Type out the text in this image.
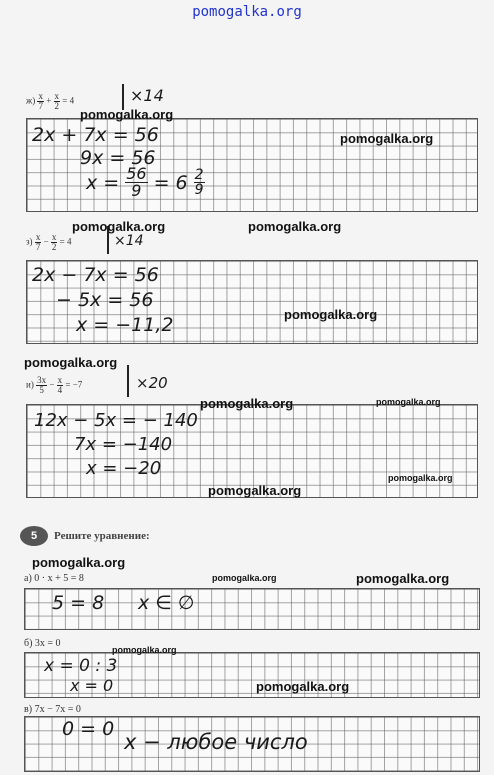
pomogalka.org
$ж) \frac{x}{7} + \frac{x}{2} = 4$	×14
2x + 7x = 56
9x = 56
$x = \frac{56}{9} = 6 \frac{2}{9}$
$з) \frac{x}{7} - \frac{x}{2} = 4$	×14
2x − 7x = 56
− 5x = 56
x = −11,2
$и) \frac{3x}{5} - \frac{x}{4} = -7$	×20
12x − 5x = − 140
7x = −140
x = −20
5	Решите уравнение:
а) 0 · x + 5 = 8
5 = 8 x ∈ ∅
б) 3x = 0
x = 0 : 3
x = 0
в) 7x − 7x = 0
0 = 0
x − любое число
pomogalka.org
pomogalka.org
pomogalka.org	pomogalka.org
pomogalka.org
pomogalka.org
pomogalka.org	pomogalka.org
pomogalka.org
pomogalka.org
pomogalka.org
pomogalka.org	pomogalka.org
pomogalka.org
pomogalka.org
